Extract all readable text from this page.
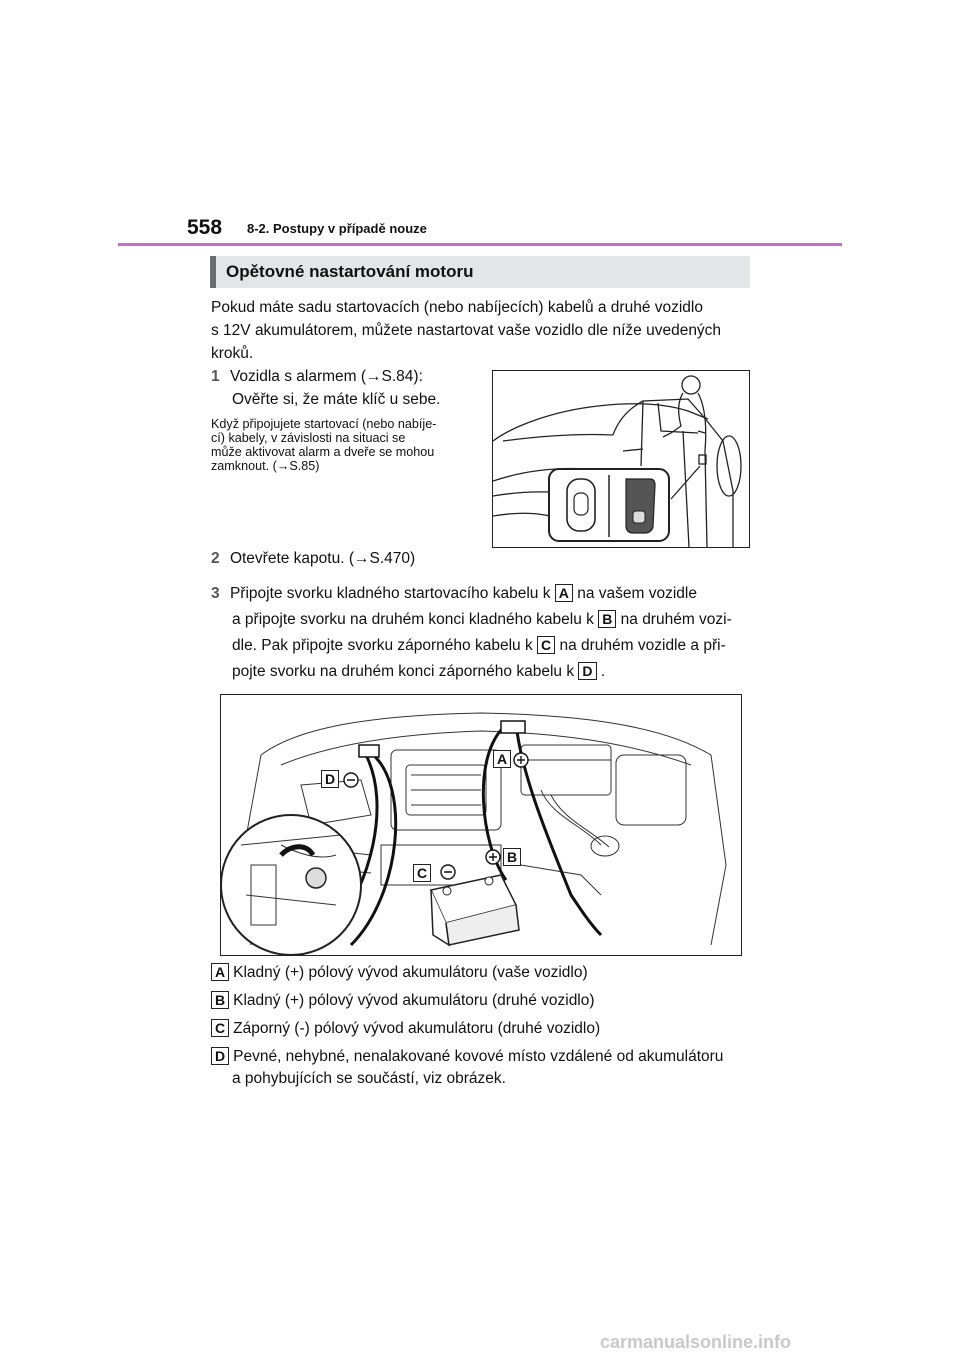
558 8-2. Postupy v případě nouze
Opětovné nastartování motoru
Pokud máte sadu startovacích (nebo nabíjecích) kabelů a druhé vozidlo
s 12V akumulátorem, můžete nastartovat vaše vozidlo dle níže uvedených
kroků.
1 Vozidla s alarmem (→S.84):
Ověřte si, že máte klíč u sebe.
Když připojujete startovací (nebo nabíje-
cí) kabely, v závislosti na situaci se
může aktivovat alarm a dveře se mohou
zamknout. (→S.85)
2 Otevřete kapotu. (→S.470)
3 Připojte svorku kladného startovacího kabelu k A na vašem vozidle
a připojte svorku na druhém konci kladného kabelu k B na druhém vozi-
dle. Pak připojte svorku záporného kabelu k C na druhém vozidle a při-
pojte svorku na druhém konci záporného kabelu k D .
D
A
B
C
A Kladný (+) pólový vývod akumulátoru (vaše vozidlo)
B Kladný (+) pólový vývod akumulátoru (druhé vozidlo)
C Záporný (-) pólový vývod akumulátoru (druhé vozidlo)
D Pevné, nehybné, nenalakované kovové místo vzdálené od akumulátoru
a pohybujících se součástí, viz obrázek.
carmanualsonline.info
